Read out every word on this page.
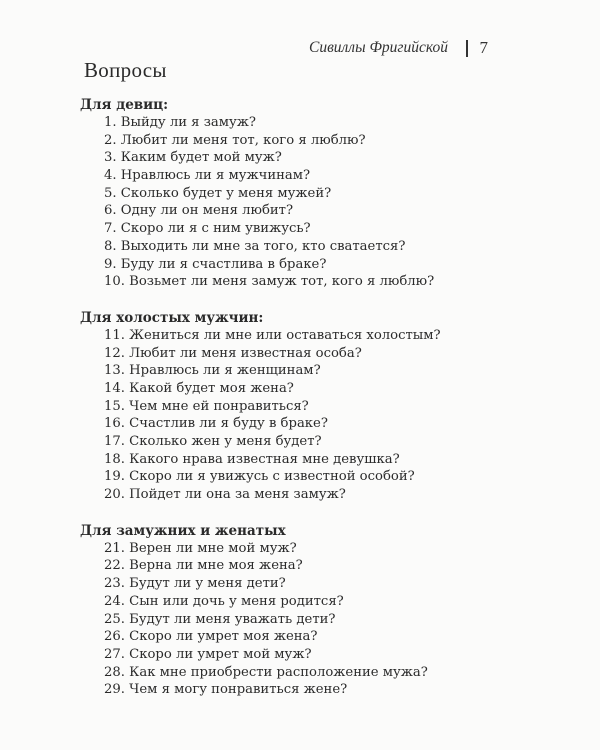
Сивиллы Фригийской 7
Вопросы
Для девиц:
1. Выйду ли я замуж?
2. Любит ли меня тот, кого я люблю?
3. Каким будет мой муж?
4. Нравлюсь ли я мужчинам?
5. Сколько будет у меня мужей?
6. Одну ли он меня любит?
7. Скоро ли я с ним увижусь?
8. Выходить ли мне за того, кто сватается?
9. Буду ли я счастлива в браке?
10. Возьмет ли меня замуж тот, кого я люблю?
Для холостых мужчин:
11. Жениться ли мне или оставаться холостым?
12. Любит ли меня известная особа?
13. Нравлюсь ли я женщинам?
14. Какой будет моя жена?
15. Чем мне ей понравиться?
16. Счастлив ли я буду в браке?
17. Сколько жен у меня будет?
18. Какого нрава известная мне девушка?
19. Скоро ли я увижусь с известной особой?
20. Пойдет ли она за меня замуж?
Для замужних и женатых
21. Верен ли мне мой муж?
22. Верна ли мне моя жена?
23. Будут ли у меня дети?
24. Сын или дочь у меня родится?
25. Будут ли меня уважать дети?
26. Скоро ли умрет моя жена?
27. Скоро ли умрет мой муж?
28. Как мне приобрести расположение мужа?
29. Чем я могу понравиться жене?
